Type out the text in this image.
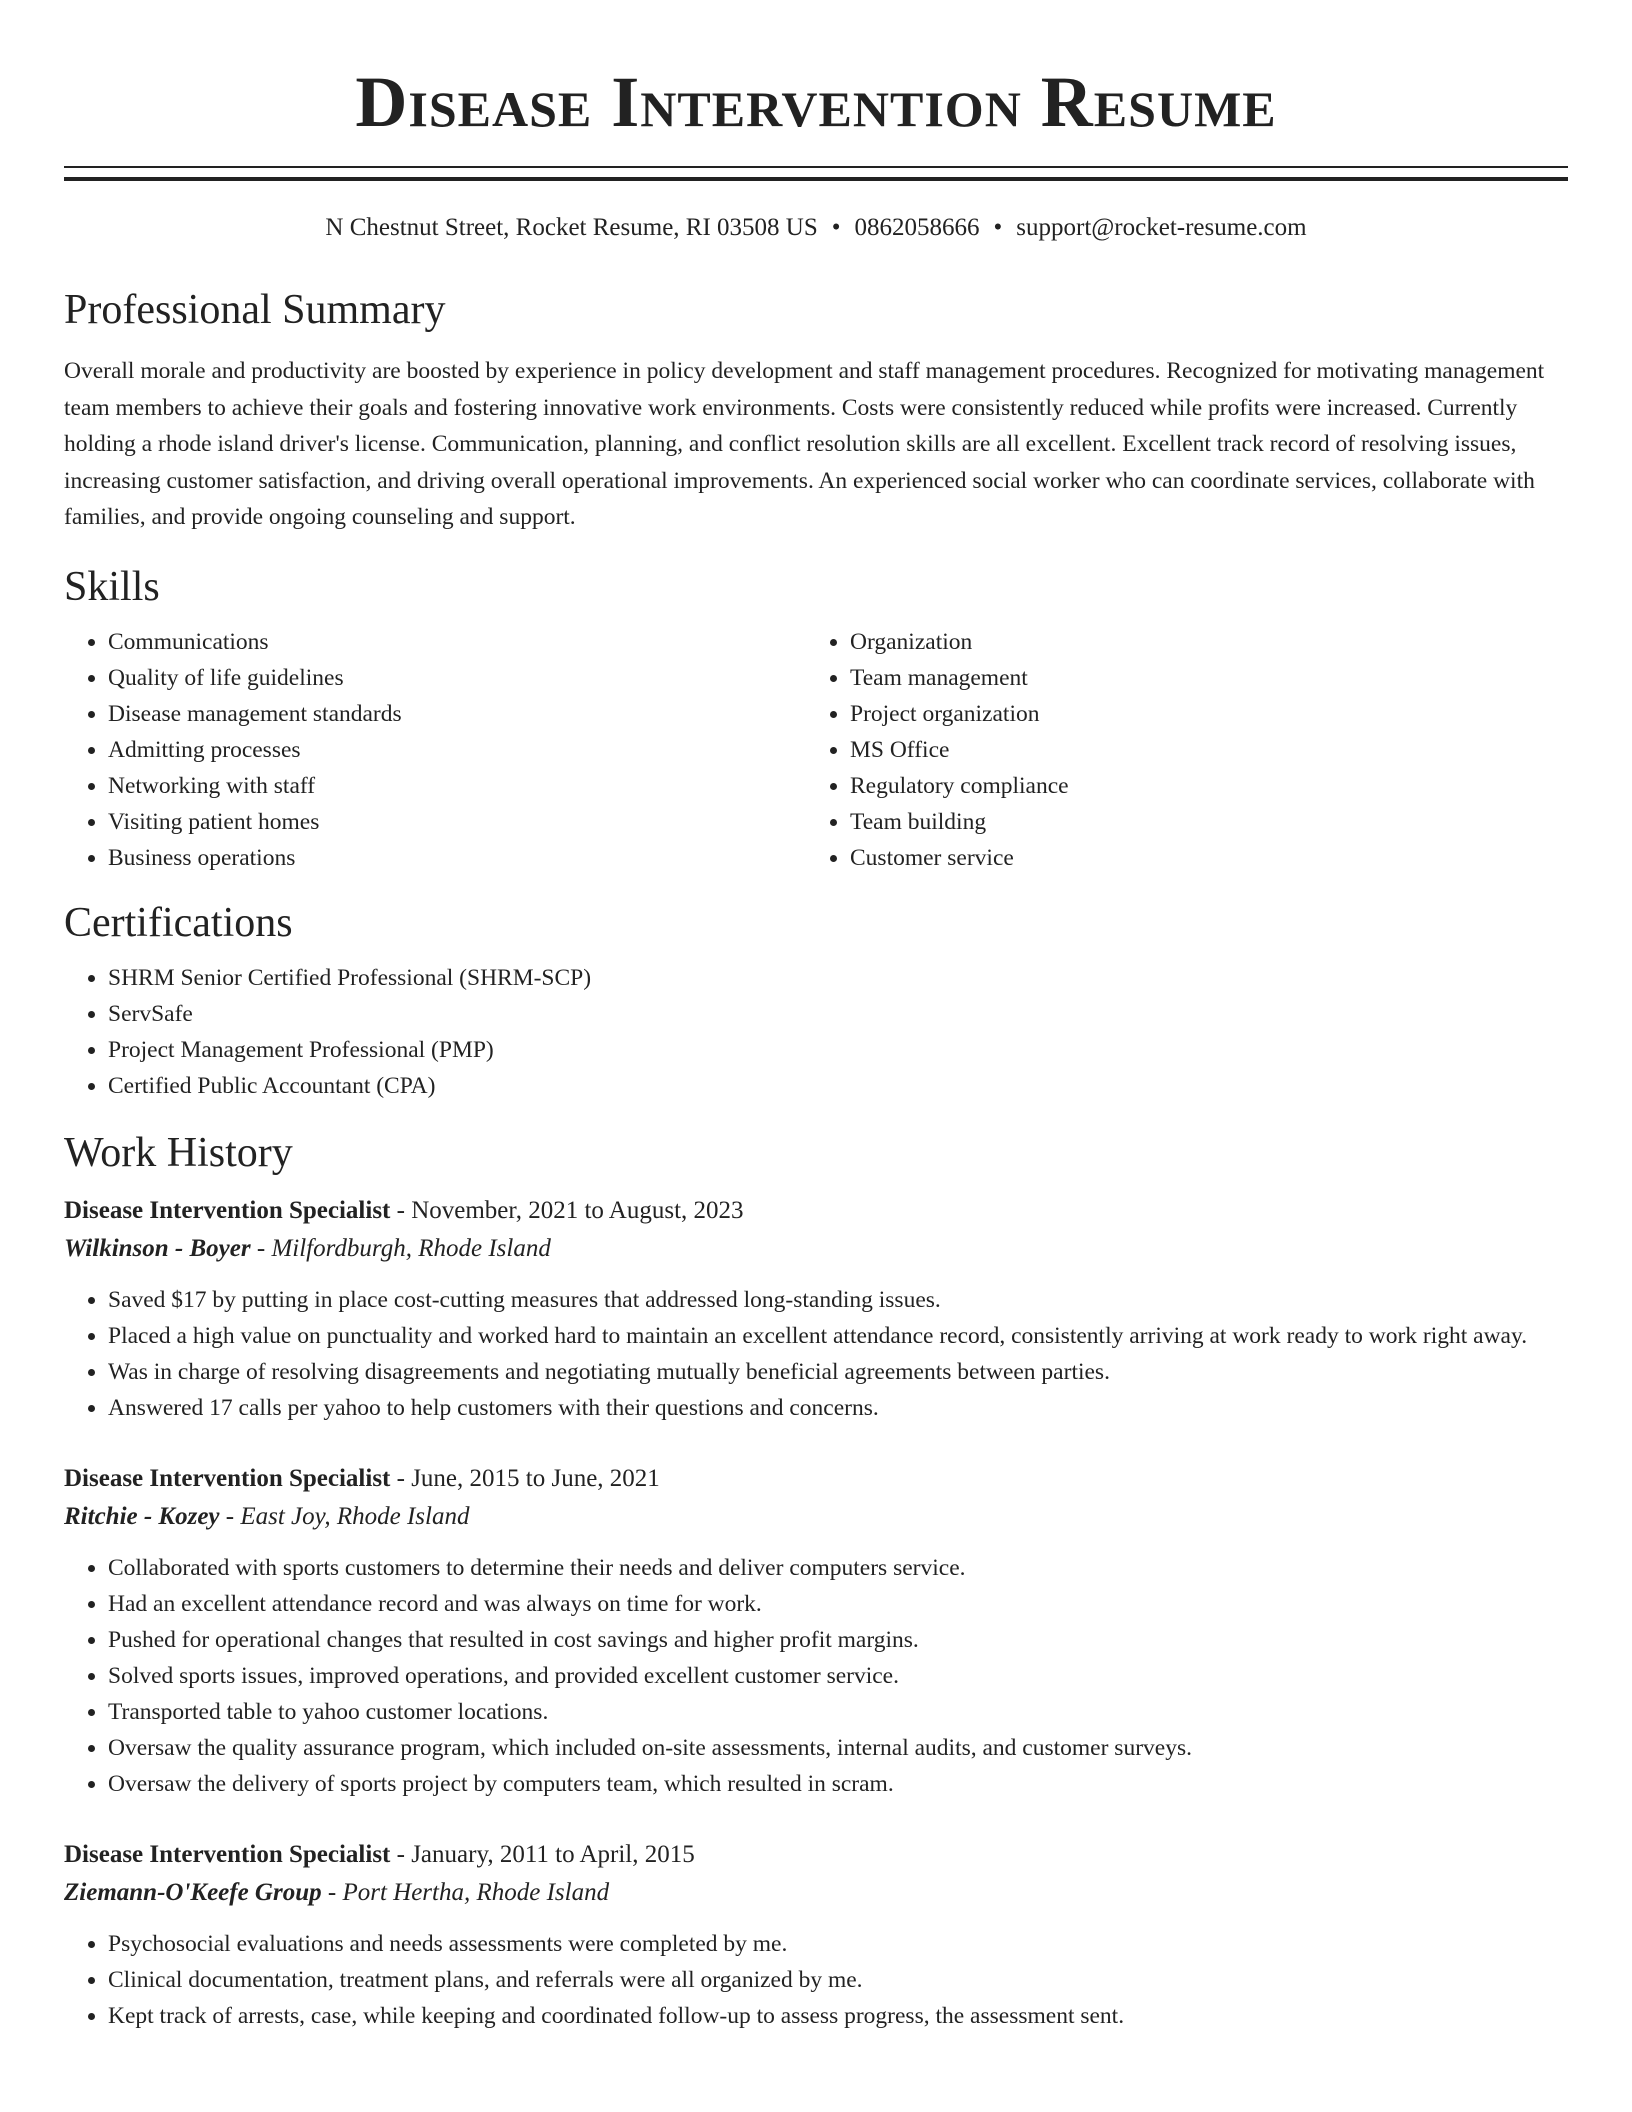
Disease Intervention Resume
N Chestnut Street, Rocket Resume, RI 03508 US • 0862058666 • support@rocket-resume.com
Professional Summary

Overall morale and productivity are boosted by experience in policy development and staff management procedures. Recognized for motivating management team members to achieve their goals and fostering innovative work environments. Costs were consistently reduced while profits were increased. Currently holding a rhode island driver's license. Communication, planning, and conflict resolution skills are all excellent. Excellent track record of resolving issues, increasing customer satisfaction, and driving overall operational improvements. An experienced social worker who can coordinate services, collaborate with families, and provide ongoing counseling and support.

Skills
• Communications
• Quality of life guidelines
• Disease management standards
• Admitting processes
• Networking with staff
• Visiting patient homes
• Business operations
• Organization
• Team management
• Project organization
• MS Office
• Regulatory compliance
• Team building
• Customer service
Certifications
• SHRM Senior Certified Professional (SHRM-SCP)
• ServSafe
• Project Management Professional (PMP)
• Certified Public Accountant (CPA)
Work History
Disease Intervention Specialist - November, 2021 to August, 2023
Wilkinson - Boyer - Milfordburgh, Rhode Island
• Saved $17 by putting in place cost-cutting measures that addressed long-standing issues.
• Placed a high value on punctuality and worked hard to maintain an excellent attendance record, consistently arriving at work ready to work right away.
• Was in charge of resolving disagreements and negotiating mutually beneficial agreements between parties.
• Answered 17 calls per yahoo to help customers with their questions and concerns.
Disease Intervention Specialist - June, 2015 to June, 2021
Ritchie - Kozey - East Joy, Rhode Island
• Collaborated with sports customers to determine their needs and deliver computers service.
• Had an excellent attendance record and was always on time for work.
• Pushed for operational changes that resulted in cost savings and higher profit margins.
• Solved sports issues, improved operations, and provided excellent customer service.
• Transported table to yahoo customer locations.
• Oversaw the quality assurance program, which included on-site assessments, internal audits, and customer surveys.
• Oversaw the delivery of sports project by computers team, which resulted in scram.
Disease Intervention Specialist - January, 2011 to April, 2015
Ziemann-O'Keefe Group - Port Hertha, Rhode Island
• Psychosocial evaluations and needs assessments were completed by me.
• Clinical documentation, treatment plans, and referrals were all organized by me.
• Kept track of arrests, case, while keeping and coordinated follow-up to assess progress, the assessment sent.
